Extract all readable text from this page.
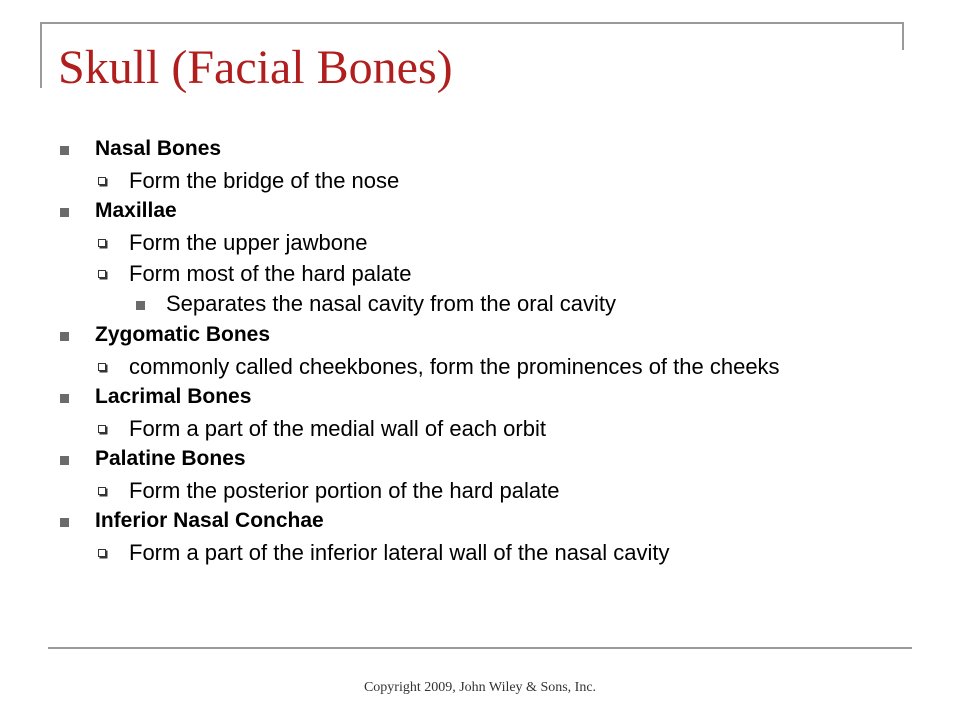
Skull (Facial Bones)
Nasal Bones
Form the bridge of the nose
Maxillae
Form the upper jawbone
Form most of the hard palate
Separates the nasal cavity from the oral cavity
Zygomatic Bones
commonly called cheekbones, form the prominences of the cheeks
Lacrimal Bones
Form a part of the medial wall of each orbit
Palatine Bones
Form the posterior portion of the hard palate
Inferior Nasal Conchae
Form a part of the inferior lateral wall of the nasal cavity
Copyright 2009, John Wiley & Sons, Inc.
